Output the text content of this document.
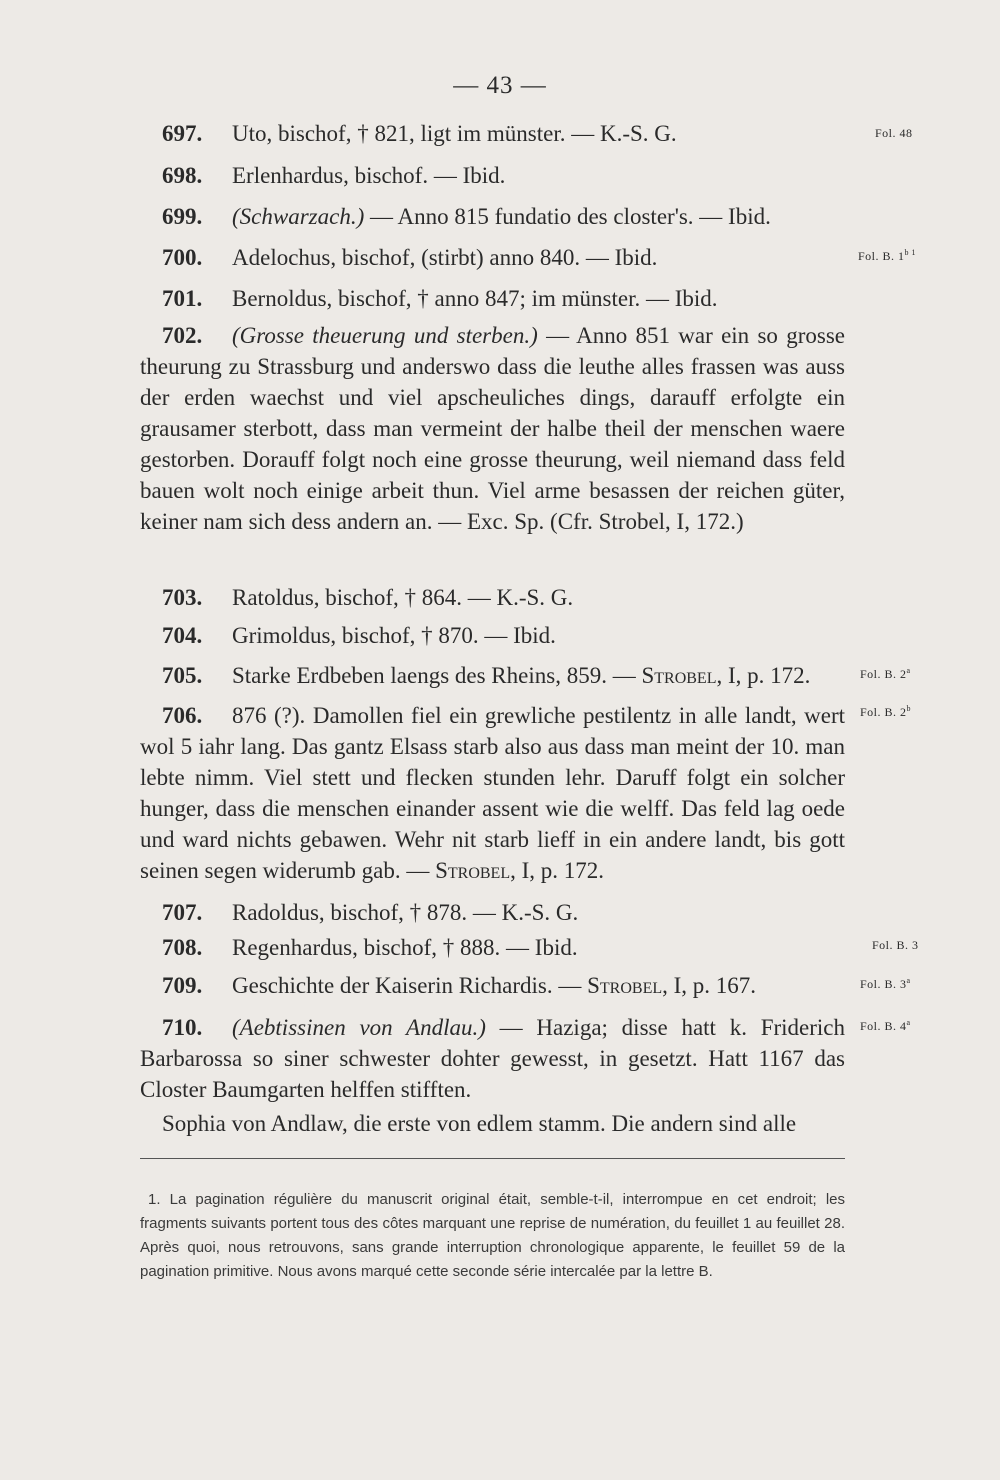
— 43 —
697. Uto, bischof, † 821, ligt im münster. — K.-S. G.
698. Erlenhardus, bischof. — Ibid.
699. (Schwarzach.) — Anno 815 fundatio des closter's. — Ibid.
700. Adelochus, bischof, (stirbt) anno 840. — Ibid.
701. Bernoldus, bischof, † anno 847; im münster. — Ibid.
702. (Grosse theuerung und sterben.) — Anno 851 war ein so grosse theurung zu Strassburg und anderswo dass die leuthe alles frassen was auss der erden waechst und viel apscheuliches dings, darauff erfolgte ein grausamer sterbott, dass man vermeint der halbe theil der menschen waere gestorben. Dorauff folgt noch eine grosse theurung, weil niemand dass feld bauen wolt noch einige arbeit thun. Viel arme besassen der reichen güter, keiner nam sich dess andern an. — Exc. Sp. (Cfr. Strobel, I, 172.)
703. Ratoldus, bischof, † 864. — K.-S. G.
704. Grimoldus, bischof, † 870. — Ibid.
705. Starke Erdbeben laengs des Rheins, 859. — Strobel, I, p. 172.
706. 876 (?). Damollen fiel ein grewliche pestilentz in alle landt, wert wol 5 iahr lang. Das gantz Elsass starb also aus dass man meint der 10. man lebte nimm. Viel stett und flecken stunden lehr. Daruff folgt ein solcher hunger, dass die menschen einander assent wie die welff. Das feld lag oede und ward nichts gebawen. Wehr nit starb lieff in ein andere landt, bis gott seinen segen widerumb gab. — Strobel, I, p. 172.
707. Radoldus, bischof, † 878. — K.-S. G.
708. Regenhardus, bischof, † 888. — Ibid.
709. Geschichte der Kaiserin Richardis. — Strobel, I, p. 167.
710. (Aebtissinen von Andlau.) — Haziga; disse hatt k. Friderich Barbarossa so siner schwester dohter gewesst, in gesetzt. Hatt 1167 das Closter Baumgarten helffen stifften.
Sophia von Andlaw, die erste von edlem stamm. Die andern sind alle
Fol. 48
Fol. B. $1^{b 1}$
Fol. B. 2$^a$
Fol. B. 2$^b$
Fol. B. 3
Fol. B. 3$^a$
Fol. B. 4$^a$
1. La pagination régulière du manuscrit original était, semble-t-il, interrompue en cet endroit; les fragments suivants portent tous des côtes marquant une reprise de numération, du feuillet 1 au feuillet 28. Après quoi, nous retrouvons, sans grande interruption chronologique apparente, le feuillet 59 de la pagination primitive. Nous avons marqué cette seconde série intercalée par la lettre B.
